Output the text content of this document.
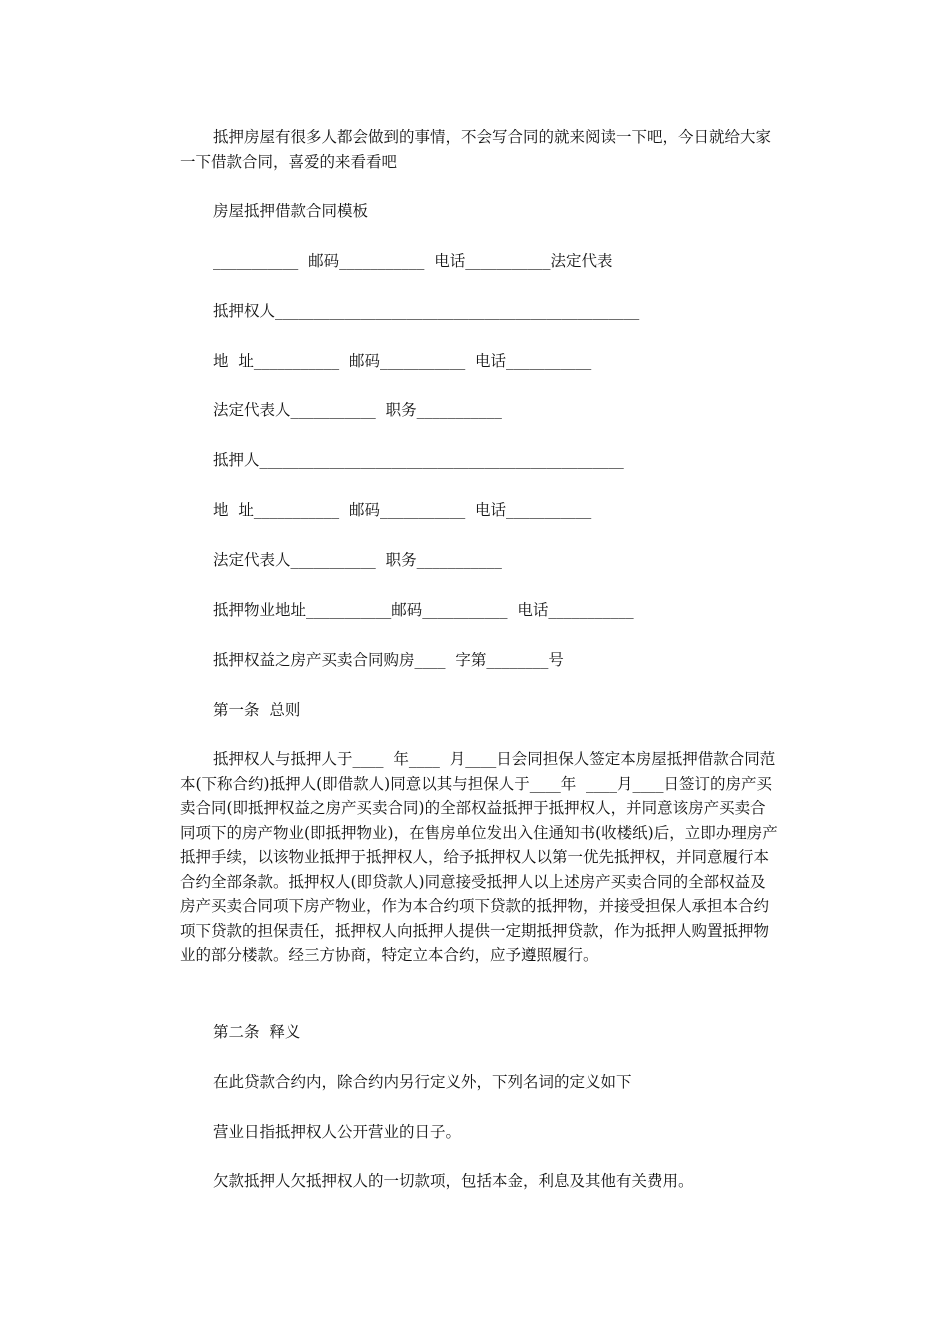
抵押房屋有很多人都会做到的事情，不会写合同的就来阅读一下吧，今日就给大家一下借款合同，喜爱的来看看吧
房屋抵押借款合同模板
___________  邮码___________  电话___________法定代表
抵押权人_______________________________________________
地  址___________  邮码___________  电话___________
法定代表人___________  职务___________
抵押人_______________________________________________
地  址___________  邮码___________  电话___________
法定代表人___________  职务___________
抵押物业地址___________邮码___________  电话___________
抵押权益之房产买卖合同购房____  字第________号
第一条  总则
抵押权人与抵押人于____  年____  月____日会同担保人签定本房屋抵押借款合同范本(下称合约)抵押人(即借款人)同意以其与担保人于____年  ____月____日签订的房产买卖合同(即抵押权益之房产买卖合同)的全部权益抵押于抵押权人，并同意该房产买卖合同项下的房产物业(即抵押物业)，在售房单位发出入住通知书(收楼纸)后，立即办理房产抵押手续，以该物业抵押于抵押权人，给予抵押权人以第一优先抵押权，并同意履行本合约全部条款。抵押权人(即贷款人)同意接受抵押人以上述房产买卖合同的全部权益及房产买卖合同项下房产物业，作为本合约项下贷款的抵押物，并接受担保人承担本合约项下贷款的担保责任，抵押权人向抵押人提供一定期抵押贷款，作为抵押人购置抵押物业的部分楼款。经三方协商，特定立本合约，应予遵照履行。
第二条  释义
在此贷款合约内，除合约内另行定义外，下列名词的定义如下
营业日指抵押权人公开营业的日子。
欠款抵押人欠抵押权人的一切款项，包括本金，利息及其他有关费用。
